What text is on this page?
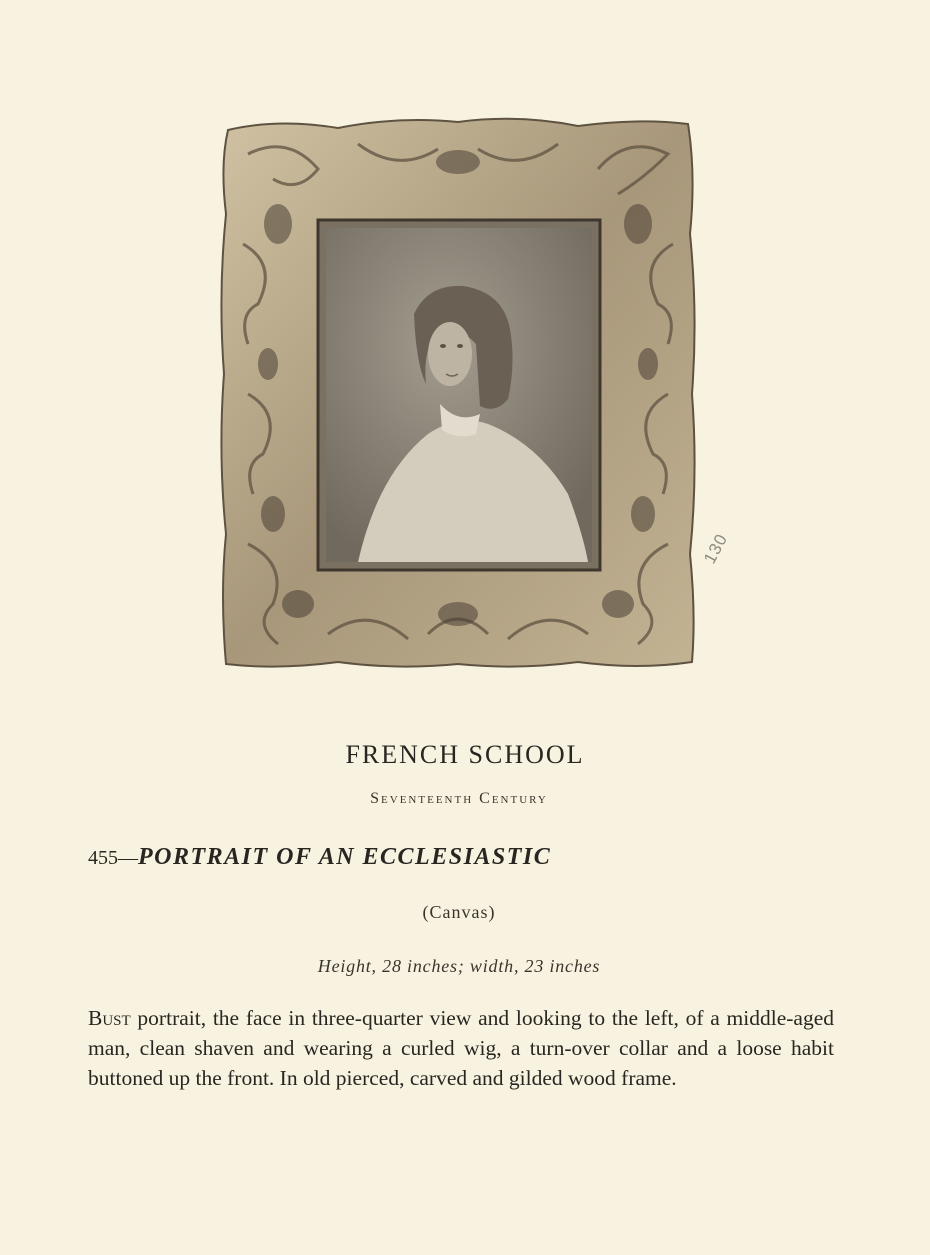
130
FRENCH SCHOOL
Seventeenth Century
455—PORTRAIT OF AN ECCLESIASTIC
(Canvas)
Height, 28 inches; width, 23 inches
Bust portrait, the face in three-quarter view and looking to the left, of a middle-aged man, clean shaven and wearing a curled wig, a turn-over collar and a loose habit buttoned up the front. In old pierced, carved and gilded wood frame.
